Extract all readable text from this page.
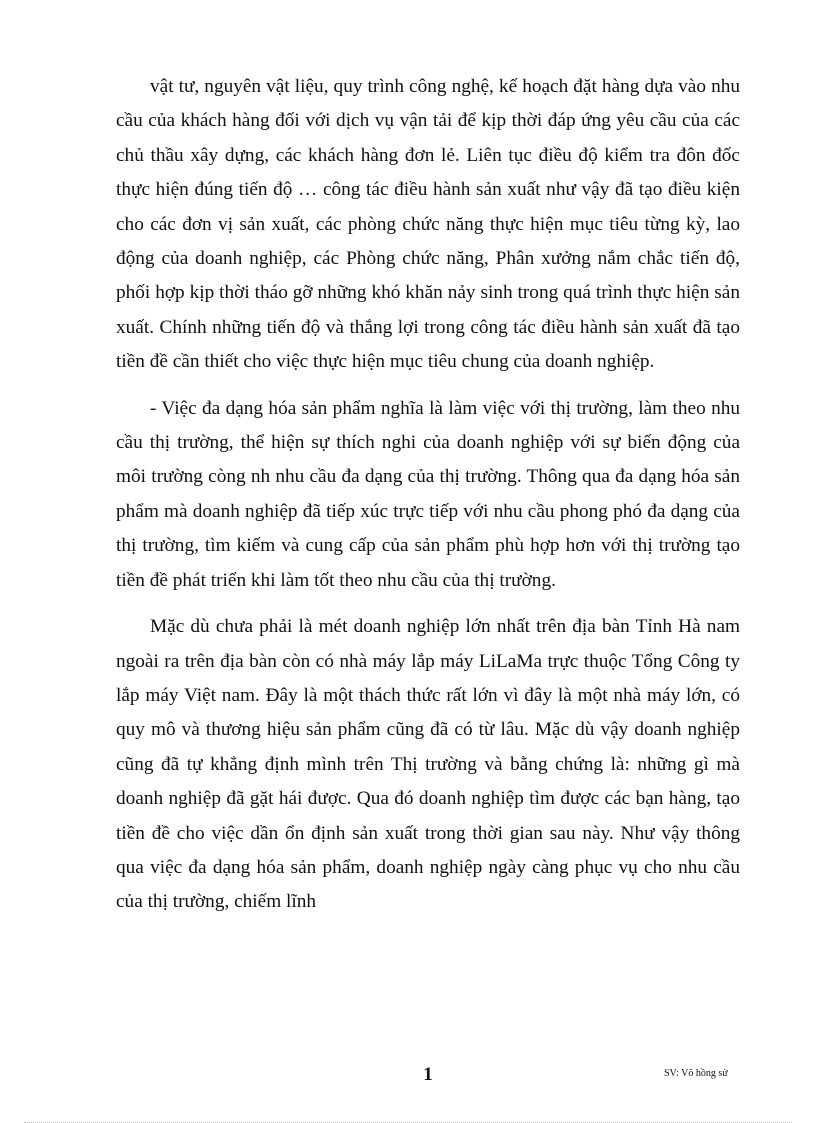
vật tư, nguyên vật liệu, quy trình công nghệ, kế hoạch đặt hàng dựa vào nhu cầu của khách hàng đối với dịch vụ vận tải để kịp thời đáp ứng yêu cầu của các chủ thầu xây dựng, các khách hàng đơn lẻ. Liên tục điều độ kiểm tra đôn đốc thực hiện đúng tiến độ … công tác điều hành sản xuất như vậy đã tạo điều kiện cho các đơn vị sản xuất, các phòng chức năng thực hiện mục tiêu từng kỳ, lao động của doanh nghiệp, các Phòng chức năng, Phân xưởng nắm chắc tiến độ, phối hợp kịp thời tháo gỡ những khó khăn nảy sinh trong quá trình thực hiện sản xuất. Chính những tiến độ và thắng lợi trong công tác điều hành sản xuất đã tạo tiền đề cần thiết cho việc thực hiện mục tiêu chung của doanh nghiệp.

- Việc đa dạng hóa sản phẩm nghĩa là làm việc với thị trường, làm theo nhu cầu thị trường, thể hiện sự thích nghi của doanh nghiệp với sự biến động của môi trường còng nh nhu cầu đa dạng của thị trường. Thông qua đa dạng hóa sản phẩm mà doanh nghiệp đã tiếp xúc trực tiếp với nhu cầu phong phó đa dạng của thị trường, tìm kiếm và cung cấp của sản phẩm phù hợp hơn với thị trường tạo tiền đề phát triển khi làm tốt theo nhu cầu của thị trường.

Mặc dù chưa phải là mét doanh nghiệp lớn nhất trên địa bàn Tỉnh Hà nam ngoài ra trên địa bàn còn có nhà máy lắp máy LiLaMa trực thuộc Tổng Công ty lắp máy Việt nam. Đây là một thách thức rất lớn vì đây là một nhà máy lớn, có quy mô và thương hiệu sản phẩm cũng đã có từ lâu. Mặc dù vậy doanh nghiệp cũng đã tự khẳng định mình trên Thị trường và bằng chứng là: những gì mà doanh nghiệp đã gặt hái được. Qua đó doanh nghiệp tìm được các bạn hàng, tạo tiền đề cho việc dần ổn định sản xuất trong thời gian sau này. Như vậy thông qua việc đa dạng hóa sản phẩm, doanh nghiệp ngày càng phục vụ cho nhu cầu của thị trường, chiếm lĩnh

1	SV: Võ hồng sử
